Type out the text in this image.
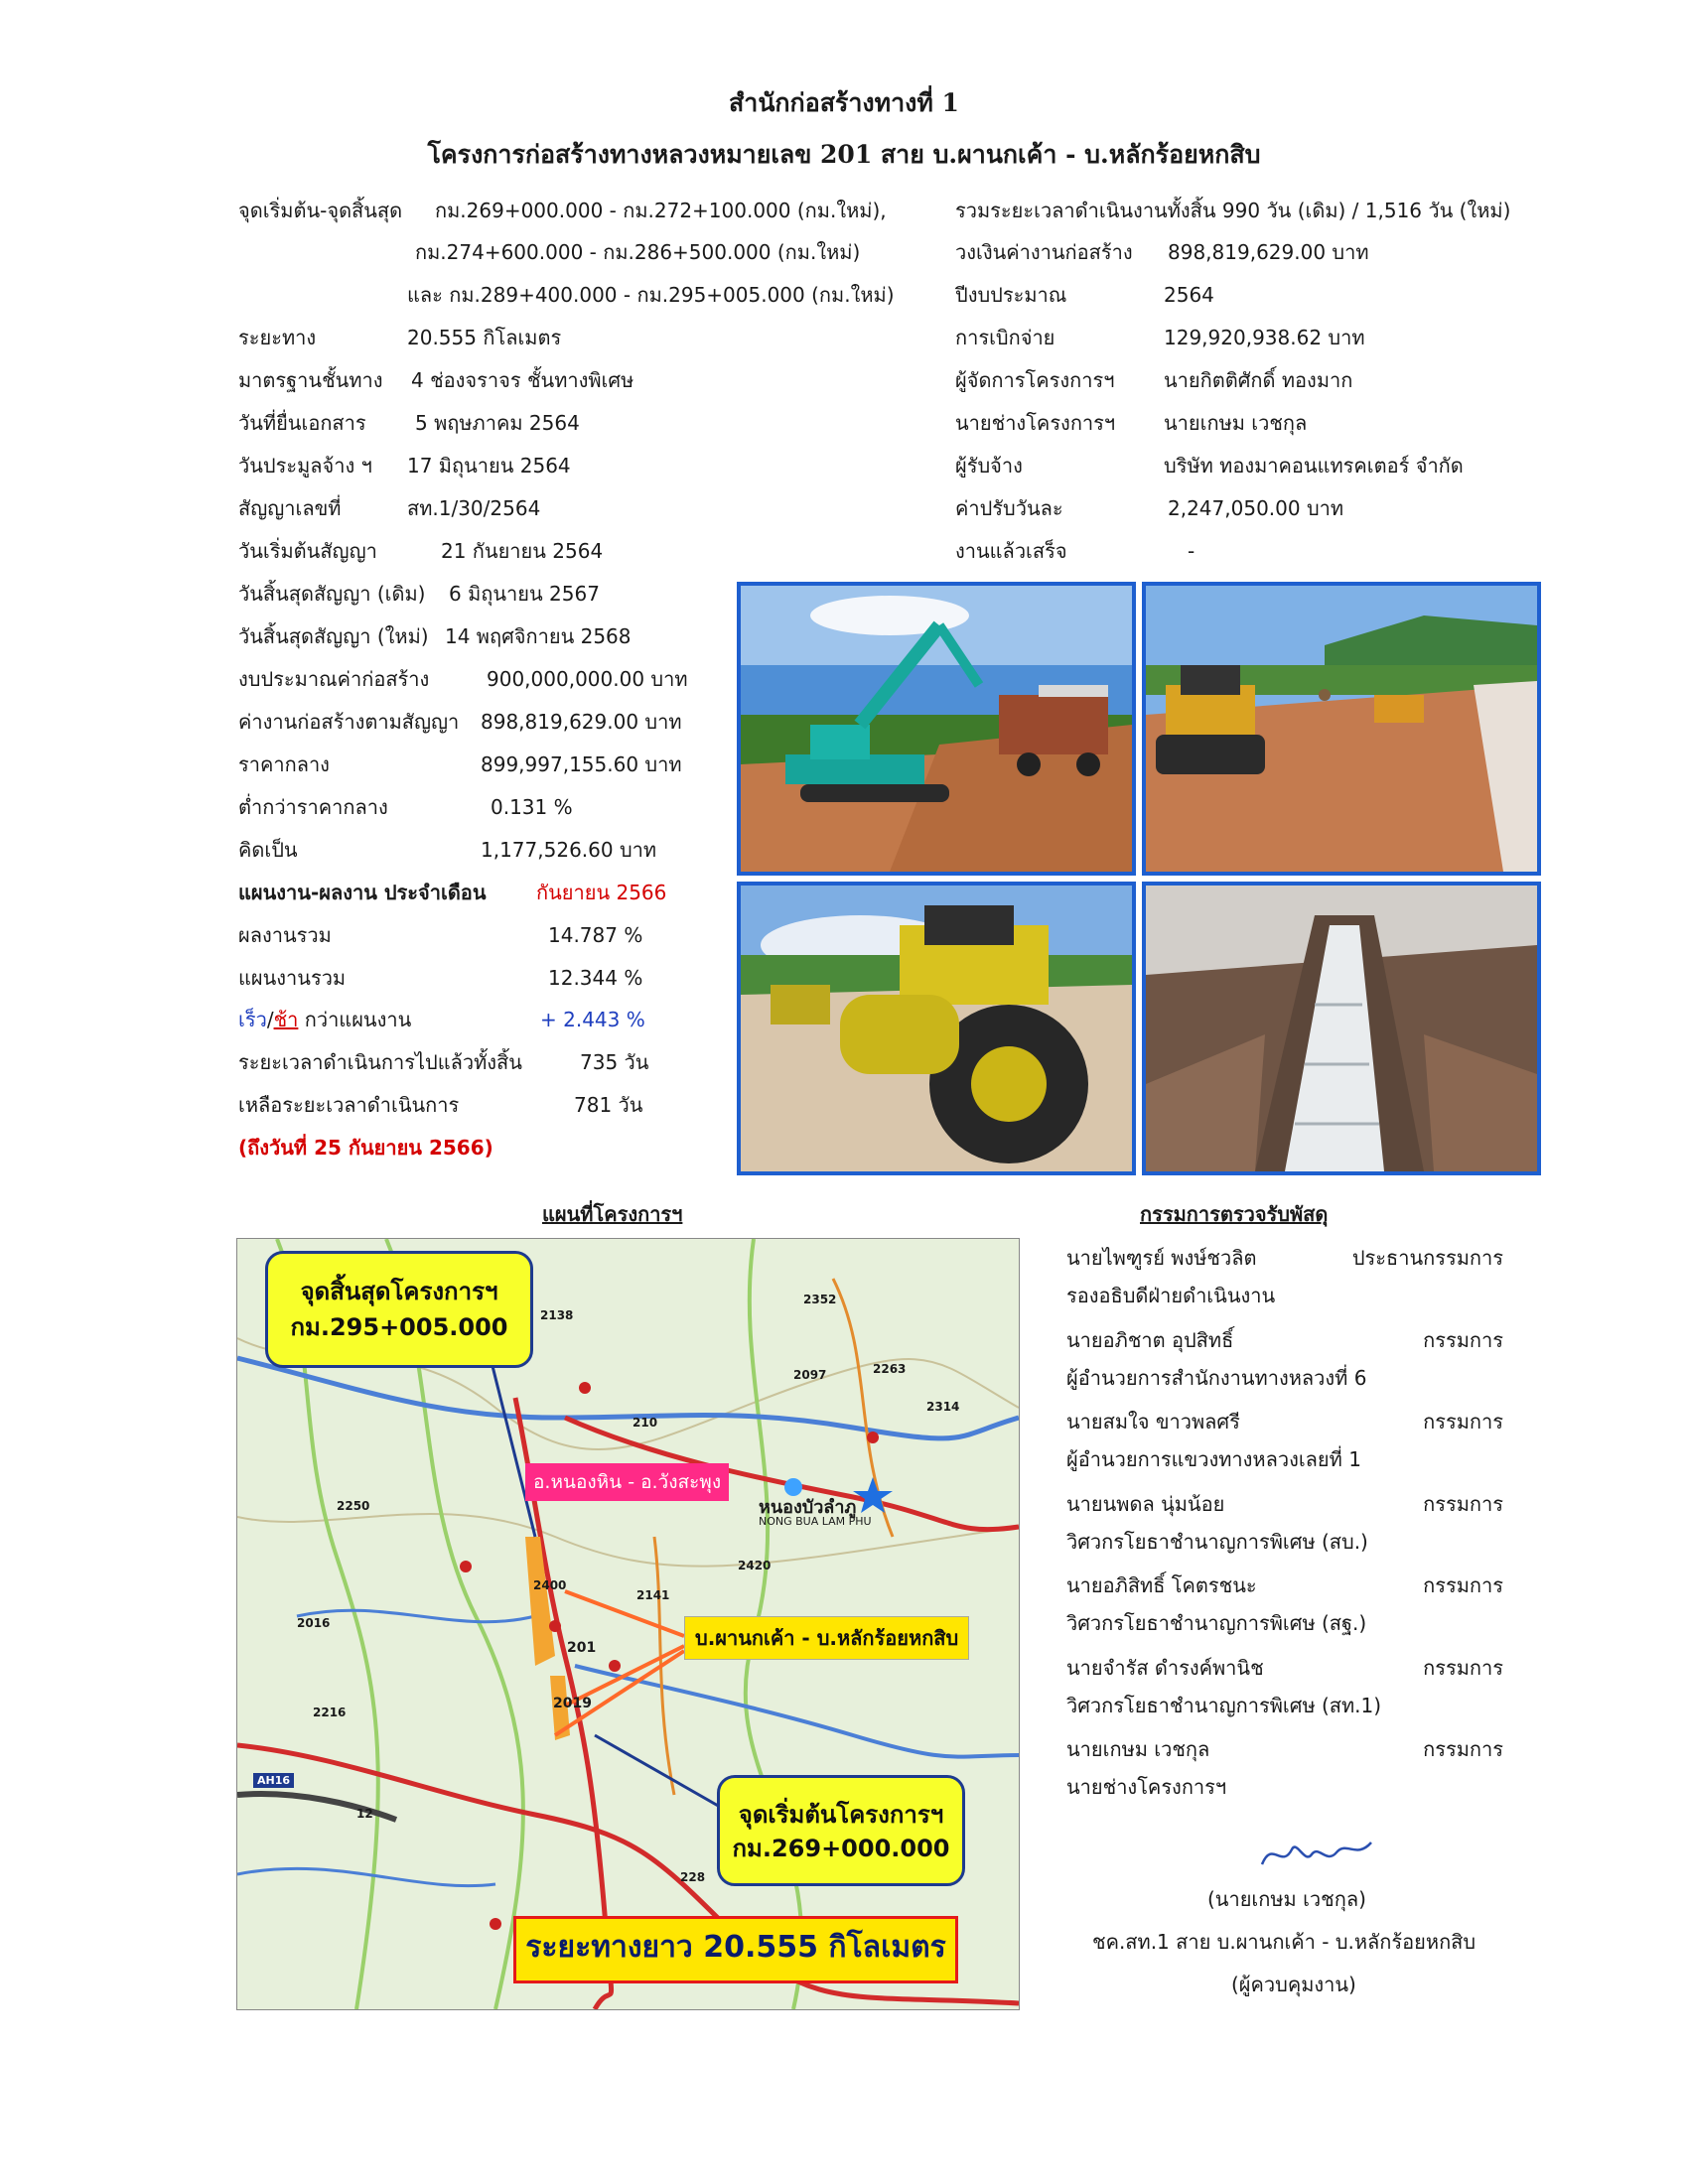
สำนักก่อสร้างทางที่ 1
โครงการก่อสร้างทางหลวงหมายเลข 201 สาย บ.ผานกเค้า - บ.หลักร้อยหกสิบ
จุดเริ่มต้น-จุดสิ้นสุด กม.269+000.000 - กม.272+100.000 (กม.ใหม่),
กม.274+600.000 - กม.286+500.000 (กม.ใหม่)
และ กม.289+400.000 - กม.295+005.000 (กม.ใหม่)
ระยะทาง	20.555 กิโลเมตร
มาตรฐานชั้นทาง 4 ช่องจราจร ชั้นทางพิเศษ
วันที่ยื่นเอกสาร 5 พฤษภาคม 2564
วันประมูลจ้าง ฯ 17 มิถุนายน 2564
สัญญาเลขที่	สท.1/30/2564
วันเริ่มต้นสัญญา	21 กันยายน 2564
วันสิ้นสุดสัญญา (เดิม) 6 มิถุนายน 2567
วันสิ้นสุดสัญญา (ใหม่) 14 พฤศจิกายน 2568
งบประมาณค่าก่อสร้าง	900,000,000.00 บาท
ค่างานก่อสร้างตามสัญญา 898,819,629.00 บาท
ราคากลาง	899,997,155.60 บาท
ต่ำกว่าราคากลาง	0.131 %
คิดเป็น	1,177,526.60 บาท
แผนงาน-ผลงาน ประจำเดือน	กันยายน 2566
ผลงานรวม	14.787 %
แผนงานรวม	12.344 %
เร็ว/ช้า กว่าแผนงาน	+ 2.443 %
ระยะเวลาดำเนินการไปแล้วทั้งสิ้น	735 วัน
เหลือระยะเวลาดำเนินการ	781 วัน
(ถึงวันที่ 25 กันยายน 2566)
รวมระยะเวลาดำเนินงานทั้งสิ้น 990 วัน (เดิม) / 1,516 วัน (ใหม่)
วงเงินค่างานก่อสร้าง 898,819,629.00 บาท
ปีงบประมาณ	2564
การเบิกจ่าย	129,920,938.62 บาท
ผู้จัดการโครงการฯ นายกิตติศักดิ์ ทองมาก
นายช่างโครงการฯ นายเกษม เวชกุล
ผู้รับจ้าง	บริษัท ทองมาคอนแทรคเตอร์ จำกัด
ค่าปรับวันละ	2,247,050.00 บาท
งานแล้วเสร็จ	-
แผนที่โครงการฯ
หนองบัวลำภู
NONG BUA LAM PHU
201
2019
2016
2250
2400
2141
2216
2138
2352
2097	2263
2314
210
2420
12
228
AH16
จุดสิ้นสุดโครงการฯ
กม.295+005.000
อ.หนองหิน - อ.วังสะพุง
บ.ผานกเค้า - บ.หลักร้อยหกสิบ
จุดเริ่มต้นโครงการฯ
กม.269+000.000
ระยะทางยาว 20.555 กิโลเมตร
กรรมการตรวจรับพัสดุ
นายไพฑูรย์ พงษ์ชวลิต	ประธานกรรมการ
รองอธิบดีฝ่ายดำเนินงาน
นายอภิชาต อุปสิทธิ์	กรรมการ
ผู้อำนวยการสำนักงานทางหลวงที่ 6
นายสมใจ ขาวพลศรี	กรรมการ
ผู้อำนวยการแขวงทางหลวงเลยที่ 1
นายนพดล นุ่มน้อย	กรรมการ
วิศวกรโยธาชำนาญการพิเศษ (สบ.)
นายอภิสิทธิ์ โคตรชนะ	กรรมการ
วิศวกรโยธาชำนาญการพิเศษ (สฐ.)
นายจำรัส ดำรงค์พานิช	กรรมการ
วิศวกรโยธาชำนาญการพิเศษ (สท.1)
นายเกษม เวชกุล	กรรมการ
นายช่างโครงการฯ
(นายเกษม เวชกุล)
ชค.สท.1 สาย บ.ผานกเค้า - บ.หลักร้อยหกสิบ
(ผู้ควบคุมงาน)
